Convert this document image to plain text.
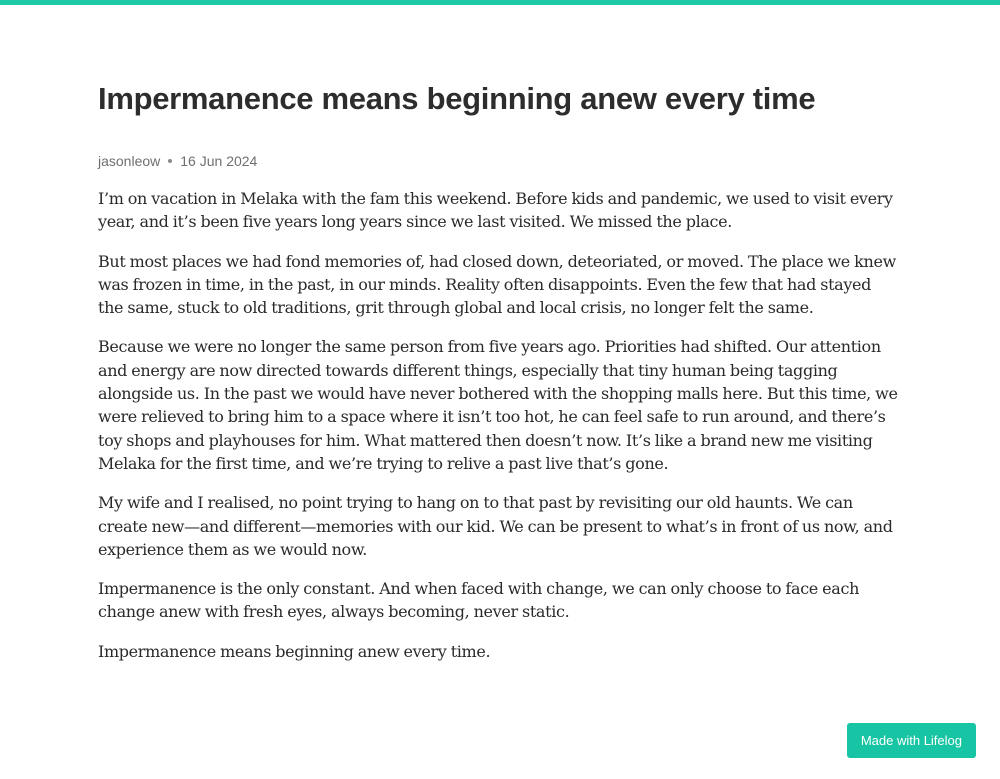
Impermanence means beginning anew every time
jasonleow 16 Jun 2024

I’m on vacation in Melaka with the fam this weekend. Before kids and pandemic, we used to visit every year, and it’s been five years long years since we last visited. We missed the place.

But most places we had fond memories of, had closed down, deteoriated, or moved. The place we knew was frozen in time, in the past, in our minds. Reality often disappoints. Even the few that had stayed the same, stuck to old traditions, grit through global and local crisis, no longer felt the same.

Because we were no longer the same person from five years ago. Priorities had shifted. Our attention and energy are now directed towards different things, especially that tiny human being tagging alongside us. In the past we would have never bothered with the shopping malls here. But this time, we were relieved to bring him to a space where it isn’t too hot, he can feel safe to run around, and there’s toy shops and playhouses for him. What mattered then doesn’t now. It’s like a brand new me visiting Melaka for the first time, and we’re trying to relive a past live that’s gone.

My wife and I realised, no point trying to hang on to that past by revisiting our old haunts. We can create new—and different—memories with our kid. We can be present to what’s in front of us now, and experience them as we would now.

Impermanence is the only constant. And when faced with change, we can only choose to face each change anew with fresh eyes, always becoming, never static.

Impermanence means beginning anew every time.

Made with Lifelog
